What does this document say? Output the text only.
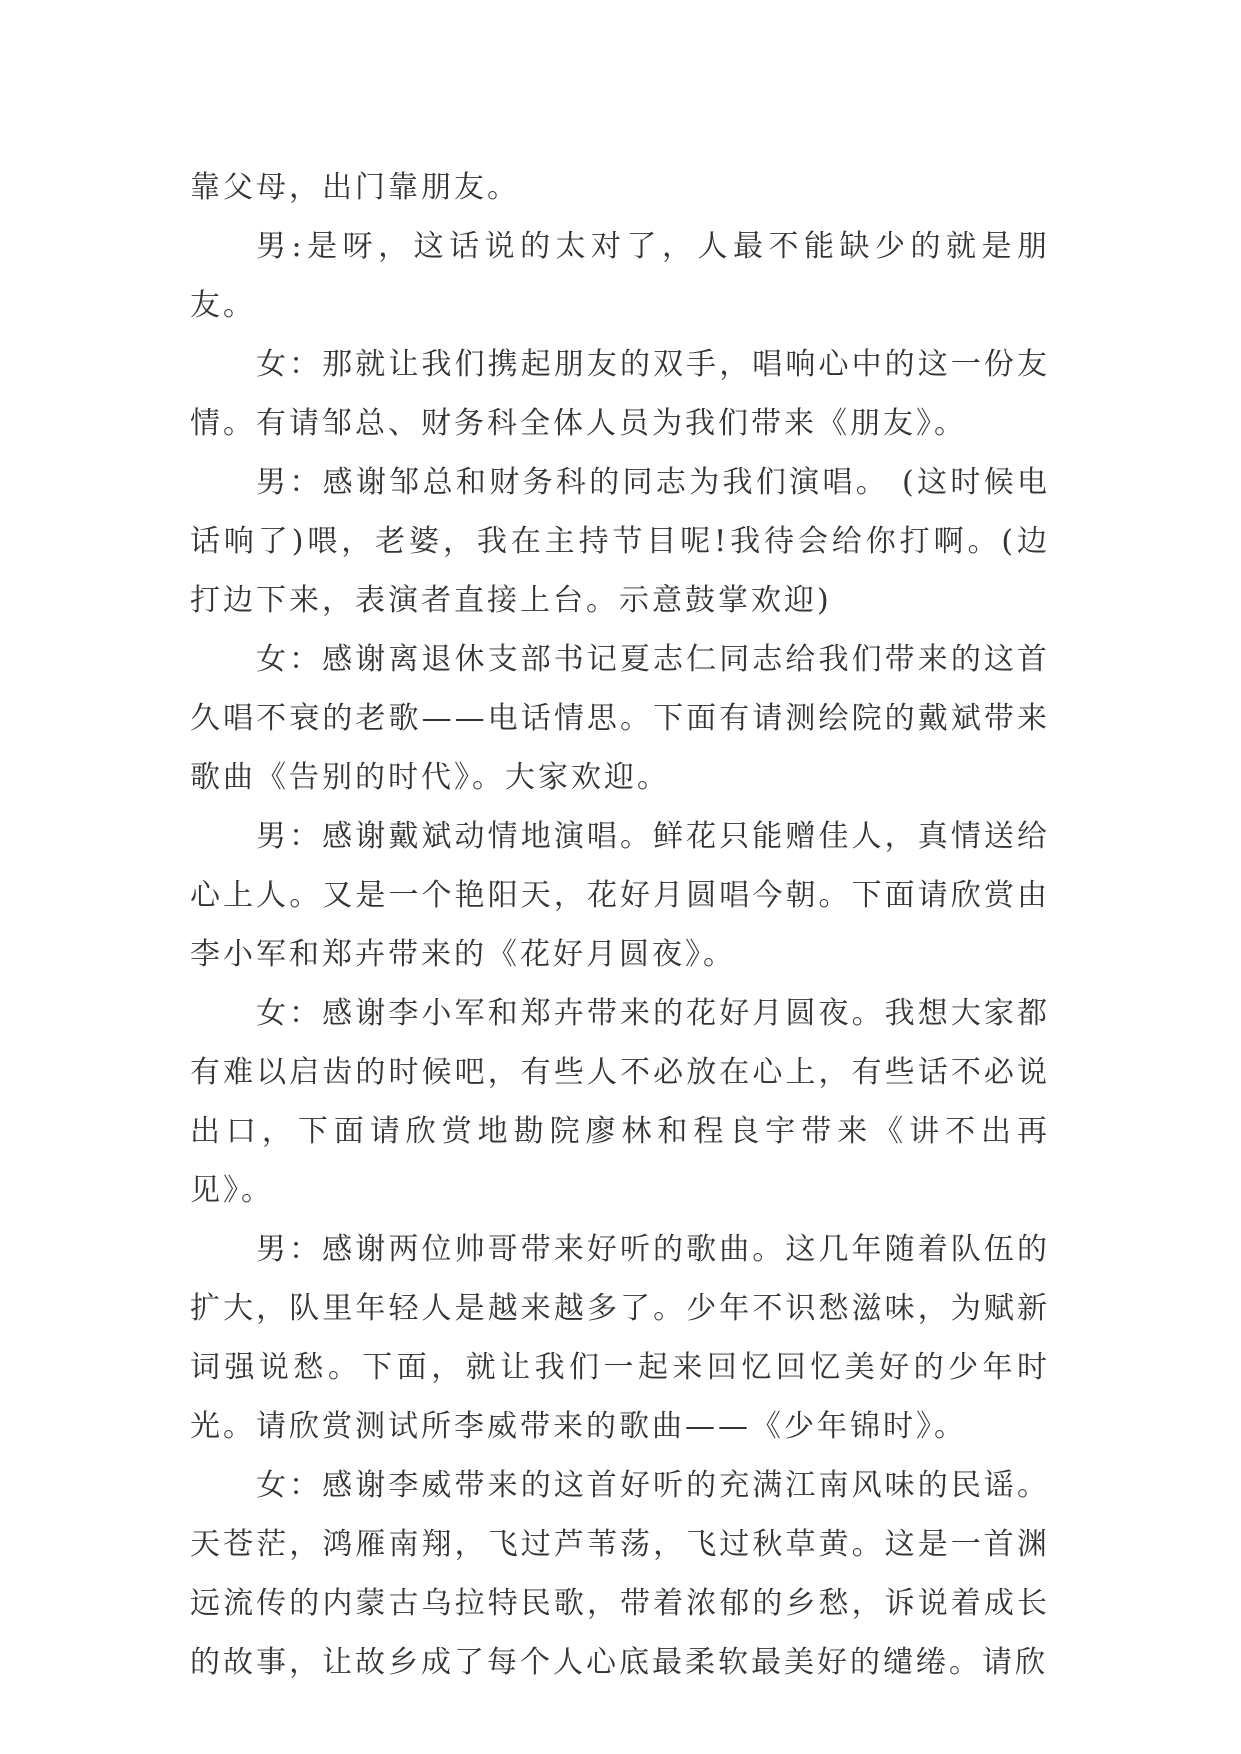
靠父母，出门靠朋友。

男:是呀，这话说的太对了，人最不能缺少的就是朋友。

女：那就让我们携起朋友的双手，唱响心中的这一份友情。有请邹总、财务科全体人员为我们带来《朋友》。

男：感谢邹总和财务科的同志为我们演唱。 (这时候电话响了)喂，老婆，我在主持节目呢!我待会给你打啊。(边打边下来，表演者直接上台。示意鼓掌欢迎)

女：感谢离退休支部书记夏志仁同志给我们带来的这首久唱不衰的老歌——电话情思。下面有请测绘院的戴斌带来歌曲《告别的时代》。大家欢迎。

男：感谢戴斌动情地演唱。鲜花只能赠佳人，真情送给心上人。又是一个艳阳天，花好月圆唱今朝。下面请欣赏由李小军和郑卉带来的《花好月圆夜》。

女：感谢李小军和郑卉带来的花好月圆夜。我想大家都有难以启齿的时候吧，有些人不必放在心上，有些话不必说出口，下面请欣赏地勘院廖林和程良宇带来《讲不出再见》。

男：感谢两位帅哥带来好听的歌曲。这几年随着队伍的扩大，队里年轻人是越来越多了。少年不识愁滋味，为赋新词强说愁。下面，就让我们一起来回忆回忆美好的少年时光。请欣赏测试所李威带来的歌曲——《少年锦时》。

女：感谢李威带来的这首好听的充满江南风味的民谣。天苍茫，鸿雁南翔，飞过芦苇荡，飞过秋草黄。这是一首渊远流传的内蒙古乌拉特民歌，带着浓郁的乡愁，诉说着成长的故事，让故乡成了每个人心底最柔软最美好的缱绻。请欣
